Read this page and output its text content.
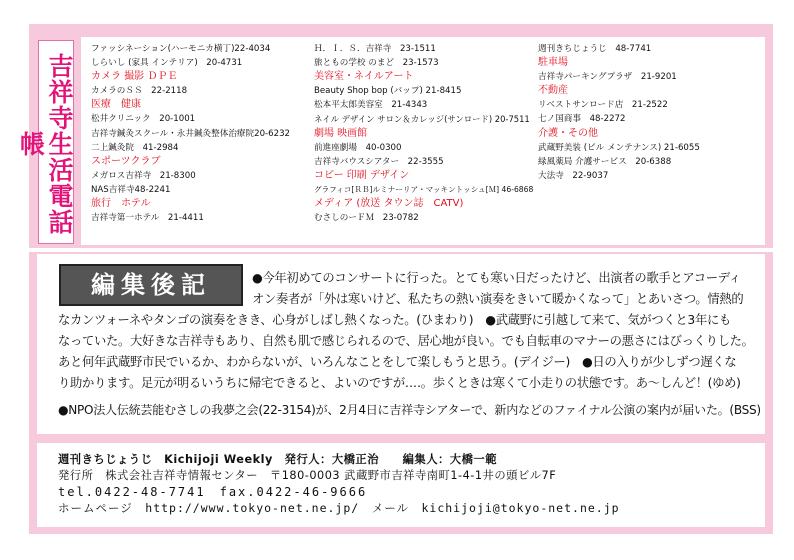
吉祥寺生活電話帳
ファッシネーション(ハーモニカ横丁)22-4034
しらいし (家具 インテリア)　20-4731
カメラ 撮影 ＤＰＥ
カメラのＳＳ　22-2118
医療　健康
松井クリニック　20-1001
吉祥寺鍼灸スクール・永井鍼灸整体治療院20-6232
二上鍼灸院　41-2984
スポーツクラブ
メガロス吉祥寺　21-8300
NAS吉祥寺48-2241
旅行　ホテル
吉祥寺第一ホテル　21-4411
Ｈ．Ｉ．Ｓ．吉祥寺　23-1511
旅ともの学校 のまど　23-1573
美容室・ネイルアート
Beauty Shop bop (バップ) 21-8415
松本平太郎美容室　21-4343
ネイル デザイン サロン＆カレッジ(サンロード) 20-7511
劇場 映画館
前進座劇場　40-0300
吉祥寺バウスシアター　22-3555
コピー 印刷 デザイン
グラフィコ[ＲＢ]ルミナーリア・マッキントッシュ[Ｍ] 46-6868
メディア (放送 タウン誌　CATV)
むさしのーＦＭ　23-0782
週刊きちじょうじ　48-7741
駐車場
吉祥寺パーキングプラザ　21-9201
不動産
リベストサンロード店　21-2522
七ノ国商事　48-2272
介護・その他
武蔵野美装 (ビル メンテナンス) 21-6055
緑風薬局 介護サービス　20-6388
大法寺　22-9037
編集後記	●今年初めてのコンサートに行った。とても寒い日だったけど、出演者の歌手とアコーディ
オン奏者が「外は寒いけど、私たちの熱い演奏をきいて暖かくなって」とあいさつ。情熱的
なカンツォーネやタンゴの演奏をきき、心身がしばし熱くなった。(ひまわり)　●武蔵野に引越して来て、気がつくと3年にも
なっていた。大好きな吉祥寺もあり、自然も肌で感じられるので、居心地が良い。でも自転車のマナーの悪さにはびっくりした。
あと何年武蔵野市民でいるか、わからないが、いろんなことをして楽しもうと思う。(デイジー)　●日の入りが少しずつ遅くな
り助かります。足元が明るいうちに帰宅できると、よいのですが‥‥。歩くときは寒くて小走りの状態です。あ〜しんど！(ゆめ)
●NPO法人伝統芸能むさしの我夢之会(22-3154)が、2月4日に吉祥寺シアターで、新内などのファイナル公演の案内が届いた。(BSS)
週刊きちじょうじ　Kichijoji Weekly　発行人：大橋正治　　編集人：大橋一範
発行所　株式会社吉祥寺情報センター　〒180-0003 武蔵野市吉祥寺南町1-4-1井の頭ビル7F
tel.0422-48-7741　fax.0422-46-9666
ホームページ　http://www.tokyo-net.ne.jp/　メール　kichijoji@tokyo-net.ne.jp
